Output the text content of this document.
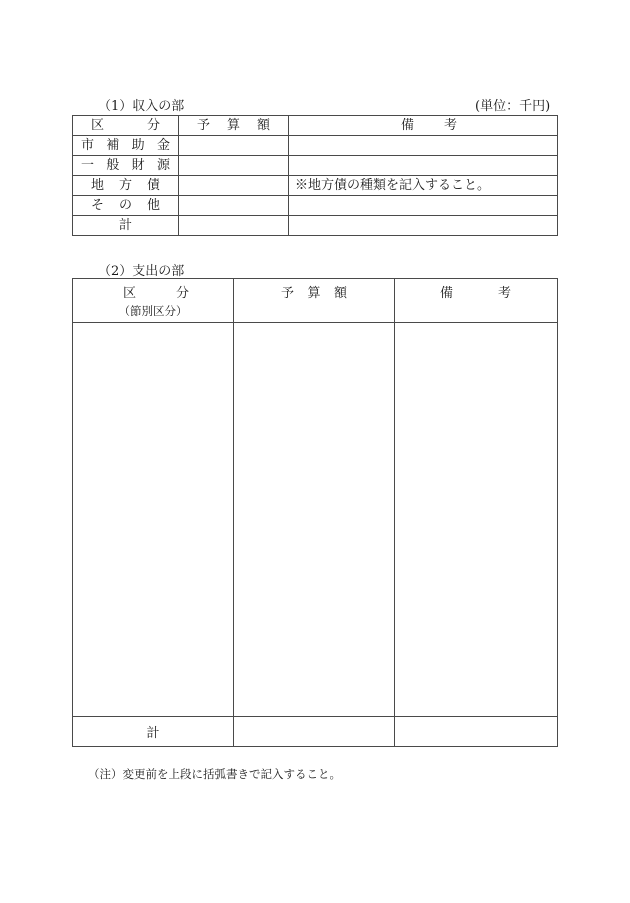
（1）収入の部	(単位：千円)
区 分	予 算 額	備 考

市 補 助 金		

一 般 財 源		

地 方 債		※地方債の種類を記入すること。

そ の 他		

計		
（2）支出の部
区 分
（節別区分）	予 算 額	備 考

計		
（注）変更前を上段に括弧書きで記入すること。
